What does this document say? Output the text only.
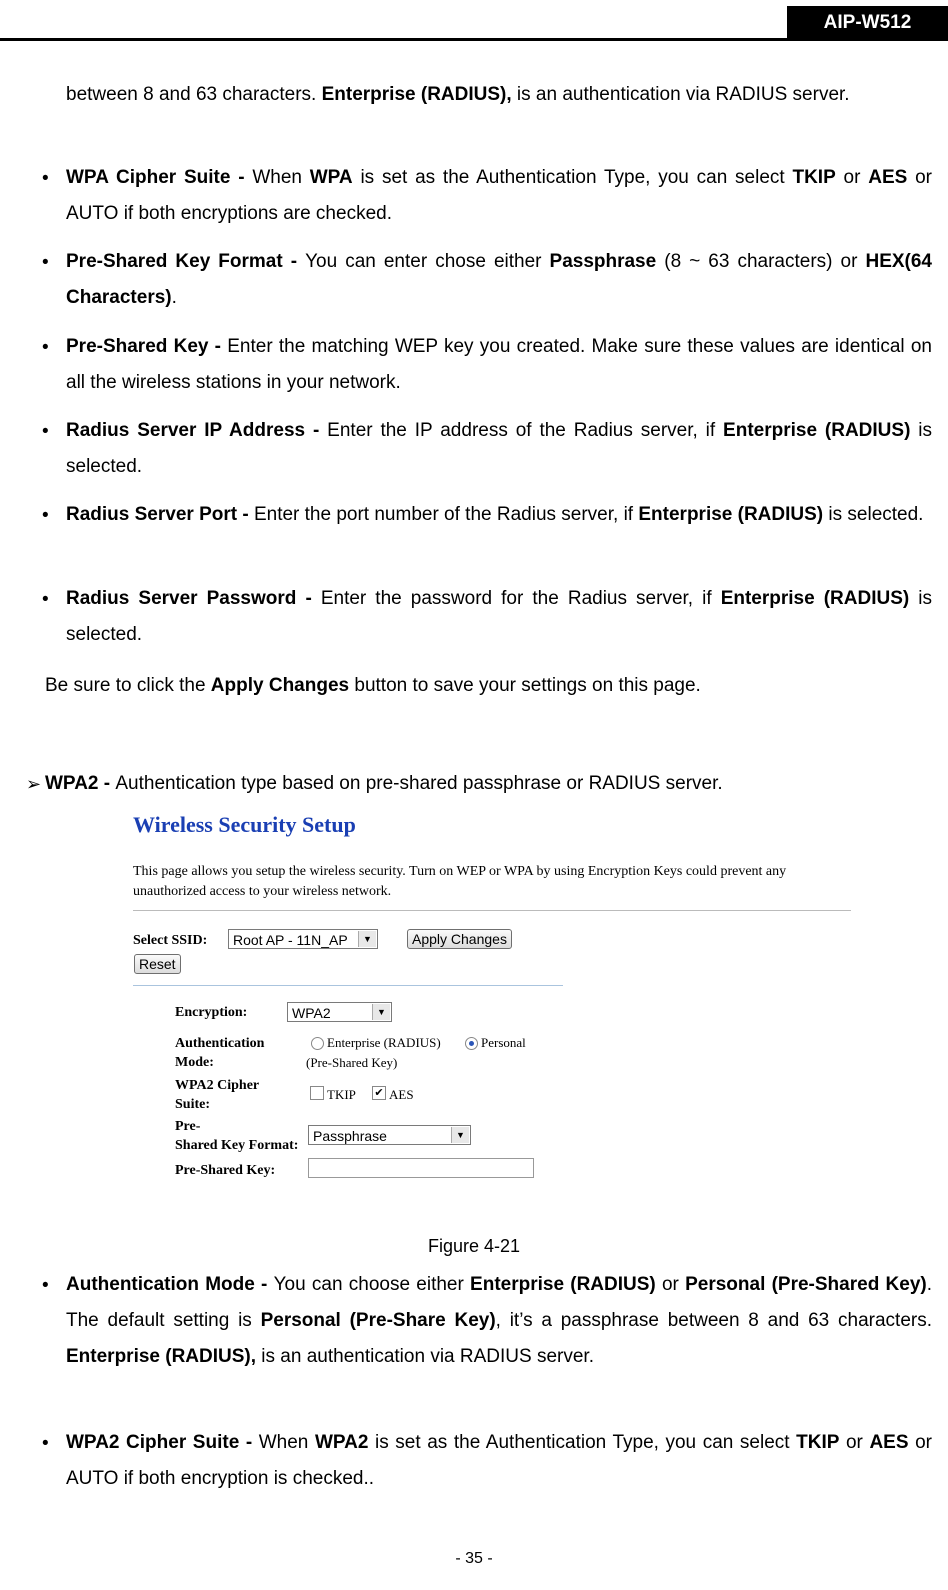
AIP-W512
between 8 and 63 characters. Enterprise (RADIUS), is an authentication via RADIUS server.
• WPA Cipher Suite - When WPA is set as the Authentication Type, you can select TKIP or AES or AUTO if both encryptions are checked.
• Pre-Shared Key Format - You can enter chose either Passphrase (8 ~ 63 characters) or HEX(64 Characters).
• Pre-Shared Key - Enter the matching WEP key you created. Make sure these values are identical on all the wireless stations in your network.
• Radius Server IP Address - Enter the IP address of the Radius server, if Enterprise (RADIUS) is selected.
• Radius Server Port - Enter the port number of the Radius server, if Enterprise (RADIUS) is selected.
• Radius Server Password - Enter the password for the Radius server, if Enterprise (RADIUS) is selected.
Be sure to click the Apply Changes button to save your settings on this page.
➢ WPA2 - Authentication type based on pre-shared passphrase or RADIUS server.
Wireless Security Setup
This page allows you setup the wireless security. Turn on WEP or WPA by using Encryption Keys could prevent any unauthorized access to your wireless network.
Select SSID:	Root AP - 11N_AP	▼	Apply Changes
Reset
Encryption:	WPA2	▼
Authentication
Mode:
Enterprise (RADIUS)	Personal
(Pre-Shared Key)
WPA2 Cipher
Suite:
TKIP ✔ AES
Pre-
Shared Key Format:
Passphrase	▼
Pre-Shared Key:
Figure 4-21
• Authentication Mode - You can choose either Enterprise (RADIUS) or Personal (Pre-Shared Key). The default setting is Personal (Pre-Share Key), it’s a passphrase between 8 and 63 characters. Enterprise (RADIUS), is an authentication via RADIUS server.
• WPA2 Cipher Suite - When WPA2 is set as the Authentication Type, you can select TKIP or AES or AUTO if both encryption is checked..
- 35 -
